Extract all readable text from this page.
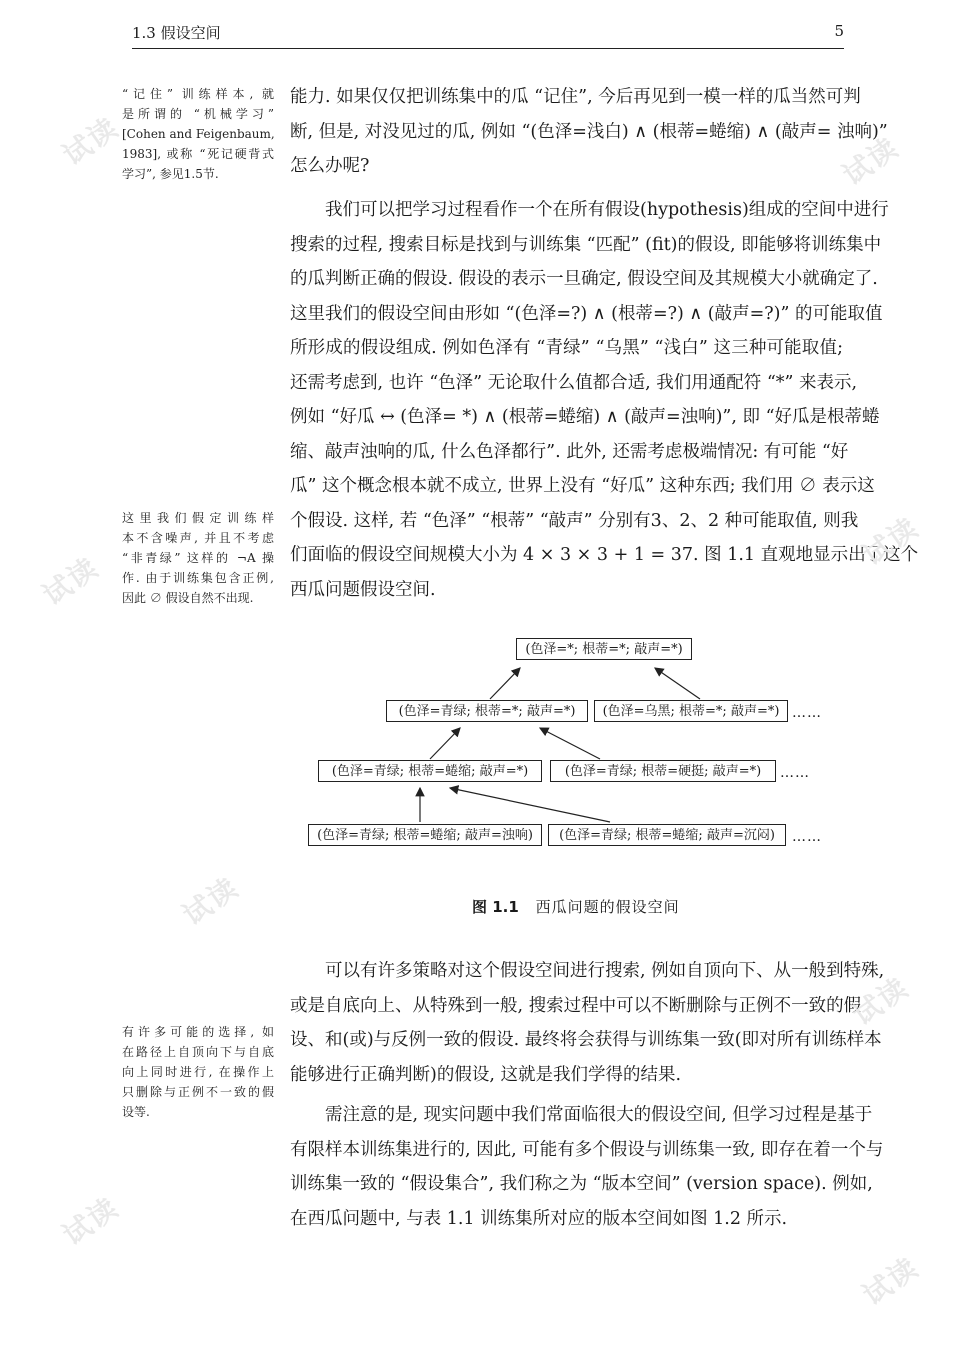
1.3 假设空间	5
“记住” 训练样本, 就
是所谓的 “机械学习”
[Cohen and Feigenbaum,
1983], 或称 “死记硬背式
学习”, 参见1.5节.
这里我们假定训练样
本不含噪声, 并且不考虑
“非青绿” 这样的 ¬A 操
作. 由于训练集包含正例,
因此 ∅ 假设自然不出现.
有许多可能的选择, 如
在路径上自顶向下与自底
向上同时进行, 在操作上
只删除与正例不一致的假
设等.
能力. 如果仅仅把训练集中的瓜 “记住”, 今后再见到一模一样的瓜当然可判
断, 但是, 对没见过的瓜, 例如 “(色泽=浅白) ∧ (根蒂=蜷缩) ∧ (敲声= 浊响)”
怎么办呢?
我们可以把学习过程看作一个在所有假设(hypothesis)组成的空间中进行
搜索的过程, 搜索目标是找到与训练集 “匹配” (fit)的假设, 即能够将训练集中
的瓜判断正确的假设. 假设的表示一旦确定, 假设空间及其规模大小就确定了.
这里我们的假设空间由形如 “(色泽=?) ∧ (根蒂=?) ∧ (敲声=?)” 的可能取值
所形成的假设组成. 例如色泽有 “青绿” “乌黑” “浅白” 这三种可能取值;
还需考虑到, 也许 “色泽” 无论取什么值都合适, 我们用通配符 “*” 来表示,
例如 “好瓜 ↔ (色泽= *) ∧ (根蒂=蜷缩) ∧ (敲声=浊响)”, 即 “好瓜是根蒂蜷
缩、敲声浊响的瓜, 什么色泽都行”. 此外, 还需考虑极端情况: 有可能 “好
瓜” 这个概念根本就不成立, 世界上没有 “好瓜” 这种东西; 我们用 ∅ 表示这
个假设. 这样, 若 “色泽” “根蒂” “敲声” 分别有3、2、2 种可能取值, 则我
们面临的假设空间规模大小为 4 × 3 × 3 + 1 = 37. 图 1.1 直观地显示出了这个
西瓜问题假设空间.
(色泽=*; 根蒂=*; 敲声=*)
(色泽=青绿; 根蒂=*; 敲声=*)	(色泽=乌黑; 根蒂=*; 敲声=*) ……
(色泽=青绿; 根蒂=蜷缩; 敲声=*)	(色泽=青绿; 根蒂=硬挺; 敲声=*)	……
(色泽=青绿; 根蒂=蜷缩; 敲声=浊响)	(色泽=青绿; 根蒂=蜷缩; 敲声=沉闷)	……
图 1.1 西瓜问题的假设空间
可以有许多策略对这个假设空间进行搜索, 例如自顶向下、从一般到特殊,
或是自底向上、从特殊到一般, 搜索过程中可以不断删除与正例不一致的假
设、和(或)与反例一致的假设. 最终将会获得与训练集一致(即对所有训练样本
能够进行正确判断)的假设, 这就是我们学得的结果.
需注意的是, 现实问题中我们常面临很大的假设空间, 但学习过程是基于
有限样本训练集进行的, 因此, 可能有多个假设与训练集一致, 即存在着一个与
训练集一致的 “假设集合”, 我们称之为 “版本空间” (version space). 例如,
在西瓜问题中, 与表 1.1 训练集所对应的版本空间如图 1.2 所示.
试读
试读
试读
试读
试读
试读
试读
试读
